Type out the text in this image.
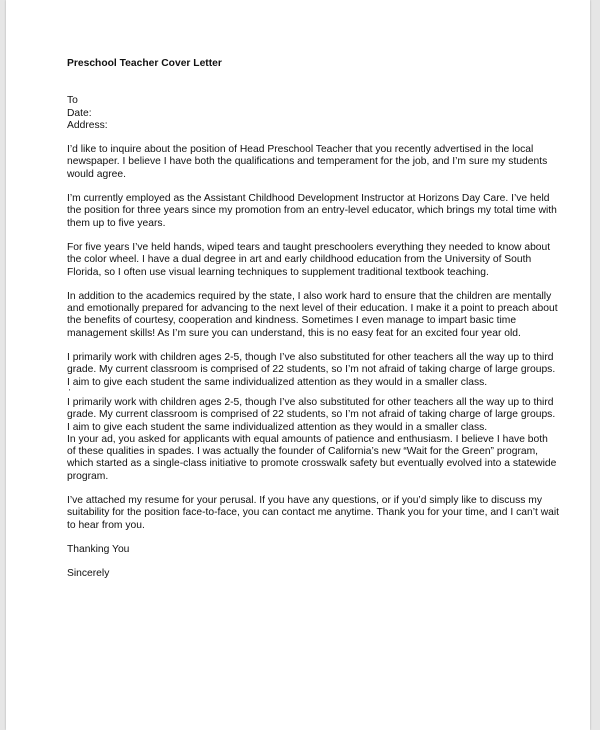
Preschool Teacher Cover Letter
To
Date:
Address:

I’d like to inquire about the position of Head Preschool Teacher that you recently advertised in the local newspaper. I believe I have both the qualifications and temperament for the job, and I’m sure my students would agree.

I’m currently employed as the Assistant Childhood Development Instructor at Horizons Day Care. I’ve held the position for three years since my promotion from an entry-level educator, which brings my total time with them up to five years.

For five years I’ve held hands, wiped tears and taught preschoolers everything they needed to know about the color wheel. I have a dual degree in art and early childhood education from the University of South Florida, so I often use visual learning techniques to supplement traditional textbook teaching.

In addition to the academics required by the state, I also work hard to ensure that the children are mentally and emotionally prepared for advancing to the next level of their education. I make it a point to preach about the benefits of courtesy, cooperation and kindness. Sometimes I even manage to impart basic time management skills! As I’m sure you can understand, this is no easy feat for an excited four year old.

I primarily work with children ages 2-5, though I’ve also substituted for other teachers all the way up to third grade. My current classroom is comprised of 22 students, so I’m not afraid of taking charge of large groups. I aim to give each student the same individualized attention as they would in a smaller class.

'

I primarily work with children ages 2-5, though I’ve also substituted for other teachers all the way up to third grade. My current classroom is comprised of 22 students, so I’m not afraid of taking charge of large groups. I aim to give each student the same individualized attention as they would in a smaller class.

In your ad, you asked for applicants with equal amounts of patience and enthusiasm. I believe I have both of these qualities in spades. I was actually the founder of California’s new “Wait for the Green” program, which started as a single-class initiative to promote crosswalk safety but eventually evolved into a statewide program.

I’ve attached my resume for your perusal. If you have any questions, or if you’d simply like to discuss my suitability for the position face-to-face, you can contact me anytime. Thank you for your time, and I can’t wait to hear from you.

Thanking You

Sincerely
